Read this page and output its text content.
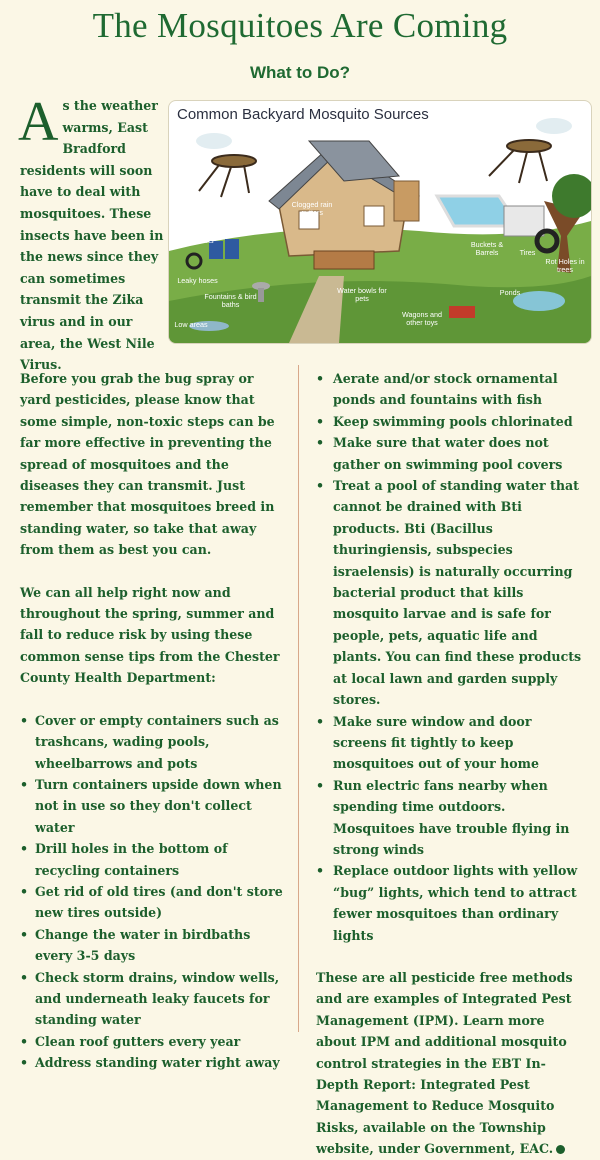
The Mosquitoes Are Coming
What to Do?
As the weather warms, East Bradford residents will soon have to deal with mosquitoes. These insects have been in the news since they can sometimes transmit the Zika virus and in our area, the West Nile Virus.
Common Backyard Mosquito Sources
Clogged rain gutters
Neglected Pools
Open trash bins
Uncovered boats
Buckets & Barrels	Tires
Rot Holes in trees
Leaky hoses
Fountains & bird baths
Water bowls for pets
Ponds
Wagons and other toys
Low areas

Before you grab the bug spray or yard pesticides, please know that some simple, non-toxic steps can be far more effective in preventing the spread of mosquitoes and the diseases they can transmit. Just remember that mosquitoes breed in standing water, so take that away from them as best you can.

We can all help right now and throughout the spring, summer and fall to reduce risk by using these common sense tips from the Chester County Health Department:

• Cover or empty containers such as trashcans, wading pools, wheelbarrows and pots
• Turn containers upside down when not in use so they don't collect water
• Drill holes in the bottom of recycling containers
• Get rid of old tires (and don't store new tires outside)
• Change the water in birdbaths every 3-5 days
• Check storm drains, window wells, and underneath leaky faucets for standing water
• Clean roof gutters every year
• Address standing water right away
• Aerate and/or stock ornamental ponds and fountains with fish
• Keep swimming pools chlorinated
• Make sure that water does not gather on swimming pool covers
• Treat a pool of standing water that cannot be drained with Bti products. Bti (Bacillus thuringiensis, subspecies israelensis) is naturally occurring bacterial product that kills mosquito larvae and is safe for people, pets, aquatic life and plants. You can find these products at local lawn and garden supply stores.
• Make sure window and door screens fit tightly to keep mosquitoes out of your home
• Run electric fans nearby when spending time outdoors. Mosquitoes have trouble flying in strong winds
• Replace outdoor lights with yellow “bug” lights, which tend to attract fewer mosquitoes than ordinary lights

These are all pesticide free methods and are examples of Integrated Pest Management (IPM). Learn more about IPM and additional mosquito control strategies in the EBT In-Depth Report: Integrated Pest Management to Reduce Mosquito Risks, available on the Township website, under Government, EAC.
